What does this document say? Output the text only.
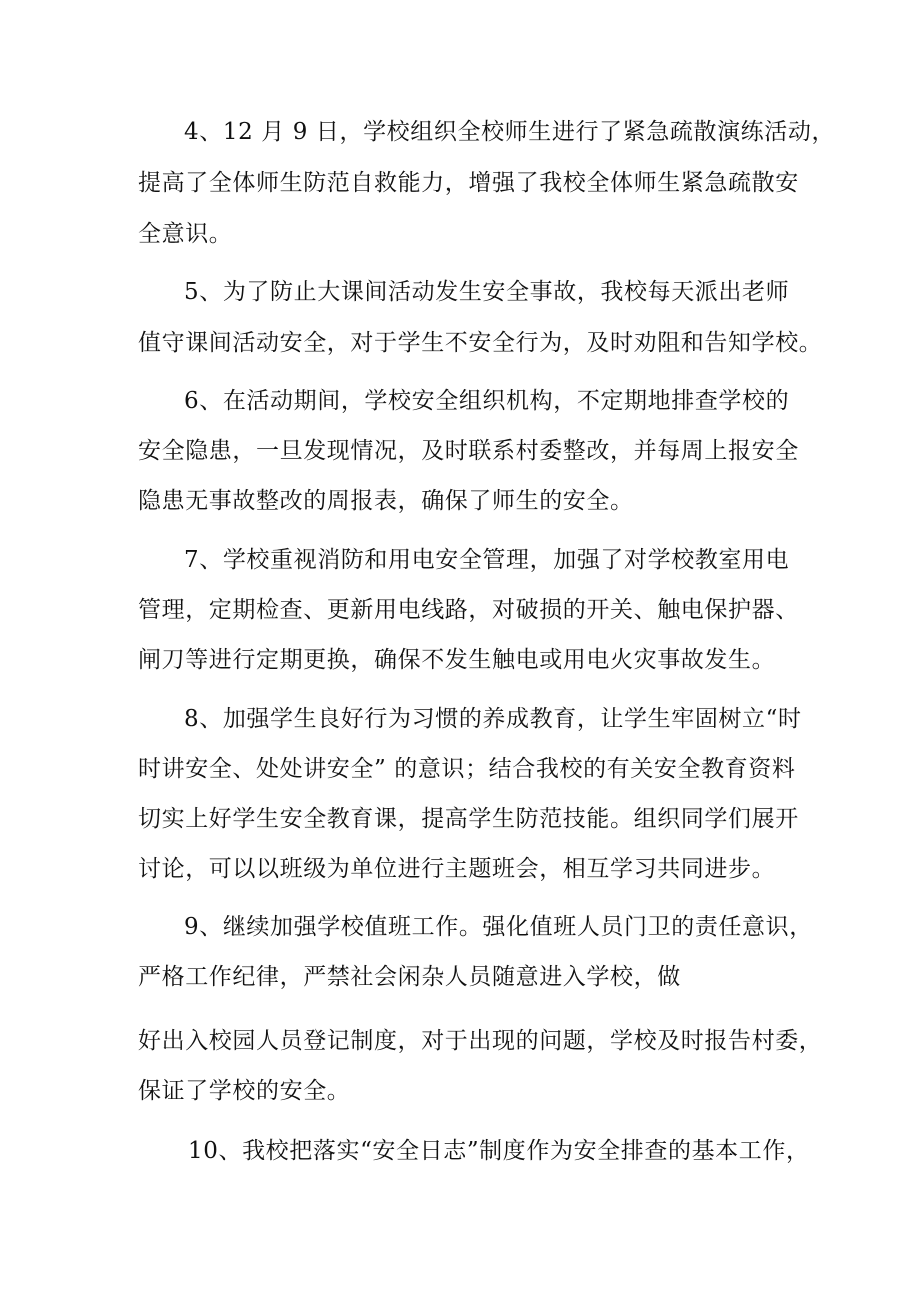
4、12 月 9 日，学校组织全校师生进行了紧急疏散演练活动，
提高了全体师生防范自救能力，增强了我校全体师生紧急疏散安
全意识。
5、为了防止大课间活动发生安全事故，我校每天派出老师
值守课间活动安全，对于学生不安全行为，及时劝阻和告知学校。
6、在活动期间，学校安全组织机构，不定期地排查学校的
安全隐患，一旦发现情况，及时联系村委整改，并每周上报安全
隐患无事故整改的周报表，确保了师生的安全。
7、学校重视消防和用电安全管理，加强了对学校教室用电
管理，定期检查、更新用电线路，对破损的开关、触电保护器、
闸刀等进行定期更换，确保不发生触电或用电火灾事故发生。
8、加强学生良好行为习惯的养成教育，让学生牢固树立“时
时讲安全、处处讲安全” 的意识；结合我校的有关安全教育资料
切实上好学生安全教育课，提高学生防范技能。组织同学们展开
讨论，可以以班级为单位进行主题班会，相互学习共同进步。
9、继续加强学校值班工作。强化值班人员门卫的责任意识，
严格工作纪律，严禁社会闲杂人员随意进入学校，做
好出入校园人员登记制度，对于出现的问题，学校及时报告村委，
保证了学校的安全。
10、我校把落实“安全日志”制度作为安全排查的基本工作，
